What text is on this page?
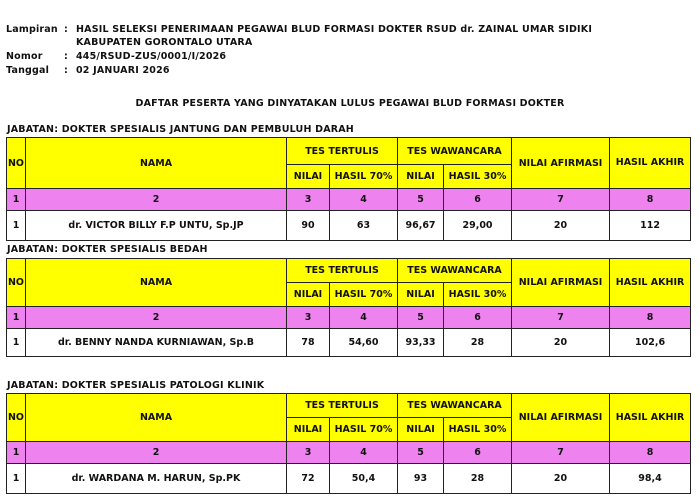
Lampiran : HASIL SELEKSI PENERIMAAN PEGAWAI BLUD FORMASI DOKTER RSUD dr. ZAINAL UMAR SIDIKI
KABUPATEN GORONTALO UTARA
Nomor : 445/RSUD-ZUS/0001/I/2026
Tanggal : 02 JANUARI 2026
DAFTAR PESERTA YANG DINYATAKAN LULUS PEGAWAI BLUD FORMASI DOKTER
JABATAN: DOKTER SPESIALIS JANTUNG DAN PEMBULUH DARAH
NO	NAMA	TES TERTULIS		TES WAWANCARA		NILAI AFIRMASI	HASIL AKHIR
		NILAI	HASIL 70%	NILAI	HASIL 30%		
1	2	3	4	5	6	7	8
1	dr. VICTOR BILLY F.P UNTU, Sp.JP	90	63	96,67	29,00	20	112
JABATAN: DOKTER SPESIALIS BEDAH
NO	NAMA	TES TERTULIS		TES WAWANCARA		NILAI AFIRMASI	HASIL AKHIR
		NILAI	HASIL 70%	NILAI	HASIL 30%		
1	2	3	4	5	6	7	8
1	dr. BENNY NANDA KURNIAWAN, Sp.B	78	54,60	93,33	28	20	102,6
JABATAN: DOKTER SPESIALIS PATOLOGI KLINIK
NO	NAMA	TES TERTULIS		TES WAWANCARA		NILAI AFIRMASI	HASIL AKHIR
		NILAI	HASIL 70%	NILAI	HASIL 30%		
1	2	3	4	5	6	7	8
1	dr. WARDANA M. HARUN, Sp.PK	72	50,4	93	28	20	98,4
